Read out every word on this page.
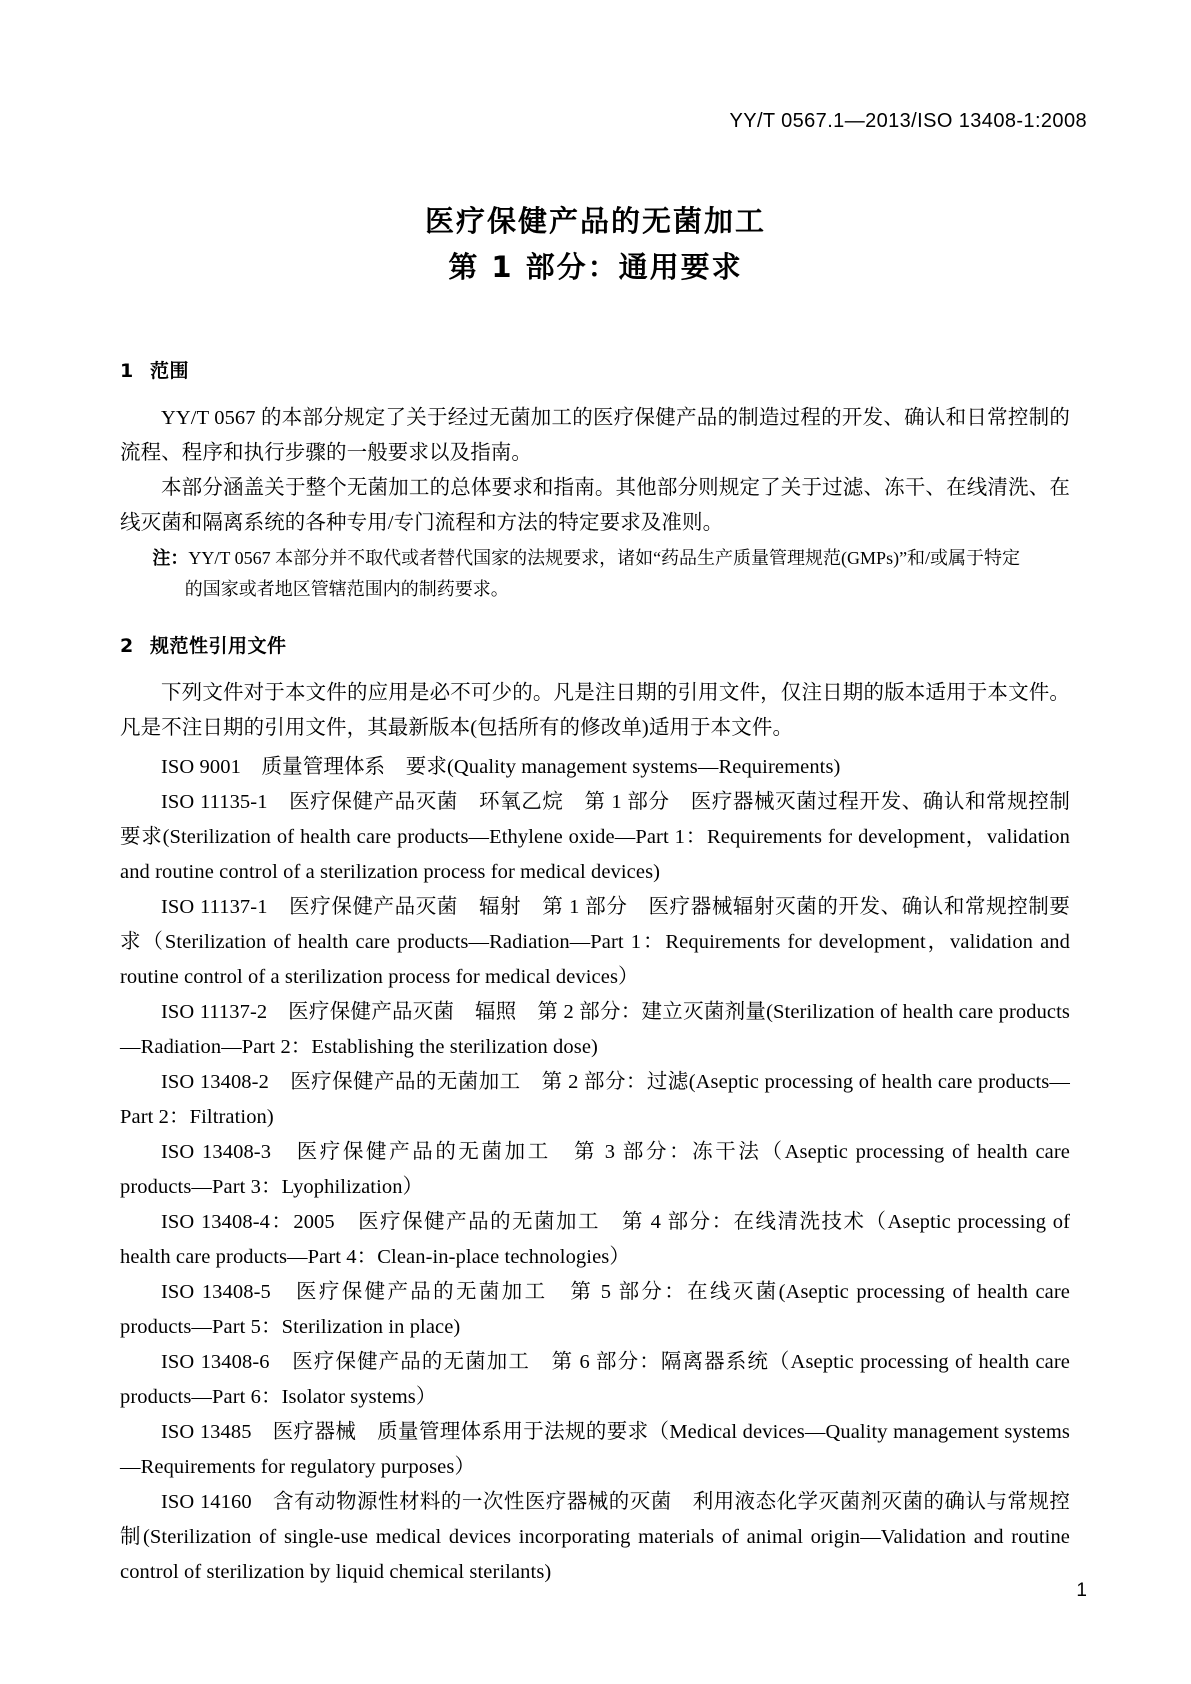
YY/T 0567.1—2013/ISO 13408-1:2008
医疗保健产品的无菌加工
第 1 部分：通用要求
1 范围

YY/T 0567 的本部分规定了关于经过无菌加工的医疗保健产品的制造过程的开发、确认和日常控制的流程、程序和执行步骤的一般要求以及指南。

本部分涵盖关于整个无菌加工的总体要求和指南。其他部分则规定了关于过滤、冻干、在线清洗、在线灭菌和隔离系统的各种专用/专门流程和方法的特定要求及准则。

注：YY/T 0567 本部分并不取代或者替代国家的法规要求，诸如“药品生产质量管理规范(GMPs)”和/或属于特定

的国家或者地区管辖范围内的制药要求。

2 规范性引用文件

下列文件对于本文件的应用是必不可少的。凡是注日期的引用文件，仅注日期的版本适用于本文件。凡是不注日期的引用文件，其最新版本(包括所有的修改单)适用于本文件。

ISO 9001　质量管理体系　要求(Quality management systems—Requirements)

ISO 11135-1　医疗保健产品灭菌　环氧乙烷　第 1 部分　医疗器械灭菌过程开发、确认和常规控制要求(Sterilization of health care products—Ethylene oxide—Part 1：Requirements for development，validation and routine control of a sterilization process for medical devices)

ISO 11137-1　医疗保健产品灭菌　辐射　第 1 部分　医疗器械辐射灭菌的开发、确认和常规控制要求（Sterilization of health care products—Radiation—Part 1：Requirements for development，validation and routine control of a sterilization process for medical devices）

ISO 11137-2　医疗保健产品灭菌　辐照　第 2 部分：建立灭菌剂量(Sterilization of health care products—Radiation—Part 2：Establishing the sterilization dose)

ISO 13408-2　医疗保健产品的无菌加工　第 2 部分：过滤(Aseptic processing of health care products—Part 2：Filtration)

ISO 13408-3　医疗保健产品的无菌加工　第 3 部分：冻干法（Aseptic processing of health care products—Part 3：Lyophilization）

ISO 13408-4：2005　医疗保健产品的无菌加工　第 4 部分：在线清洗技术（Aseptic processing of health care products—Part 4：Clean-in-place technologies）

ISO 13408-5　医疗保健产品的无菌加工　第 5 部分：在线灭菌(Aseptic processing of health care products—Part 5：Sterilization in place)

ISO 13408-6　医疗保健产品的无菌加工　第 6 部分：隔离器系统（Aseptic processing of health care products—Part 6：Isolator systems）

ISO 13485　医疗器械　质量管理体系用于法规的要求（Medical devices—Quality management systems—Requirements for regulatory purposes）

ISO 14160　含有动物源性材料的一次性医疗器械的灭菌　利用液态化学灭菌剂灭菌的确认与常规控制(Sterilization of single-use medical devices incorporating materials of animal origin—Validation and routine control of sterilization by liquid chemical sterilants)

1
